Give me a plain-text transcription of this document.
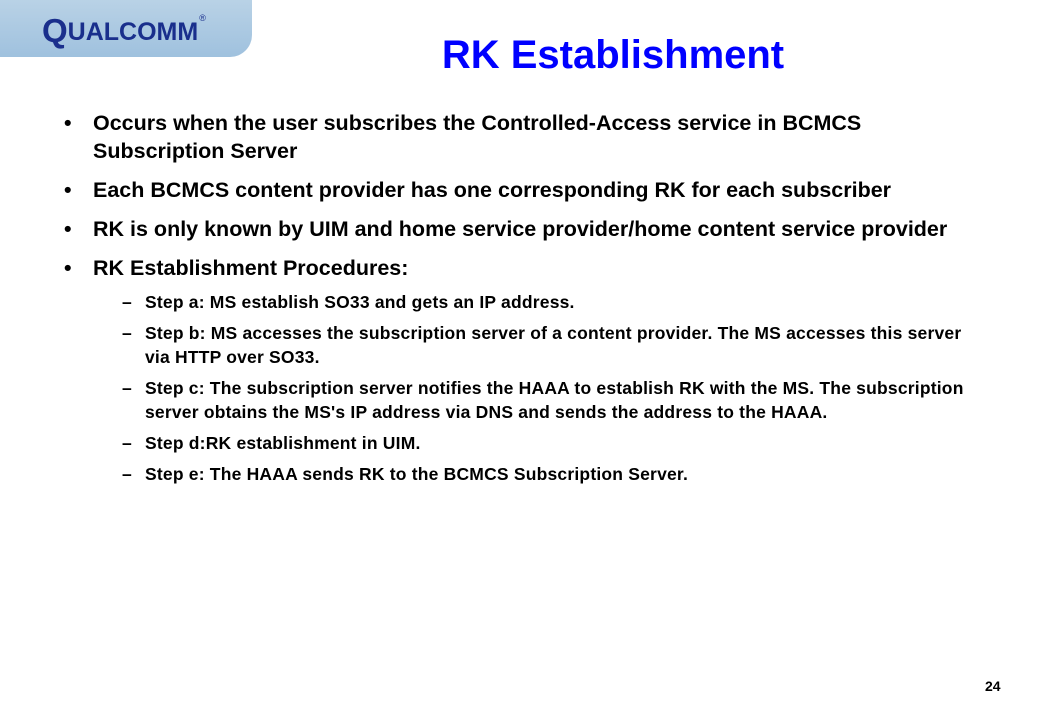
QUALCOMM®
RK Establishment
• Occurs when the user subscribes the Controlled-Access service in BCMCS Subscription Server
• Each BCMCS content provider has one corresponding RK for each subscriber
• RK is only known by UIM and home service provider/home content service provider
• RK Establishment Procedures:
– Step a: MS establish SO33 and gets an IP address.
– Step b: MS accesses the subscription server of a content provider. The MS accesses this server via HTTP over SO33.
– Step c: The subscription server notifies the HAAA to establish RK with the MS. The subscription server obtains the MS's IP address via DNS and sends the address to the HAAA.
– Step d:RK establishment in UIM.
– Step e: The HAAA sends RK to the BCMCS Subscription Server.
24
